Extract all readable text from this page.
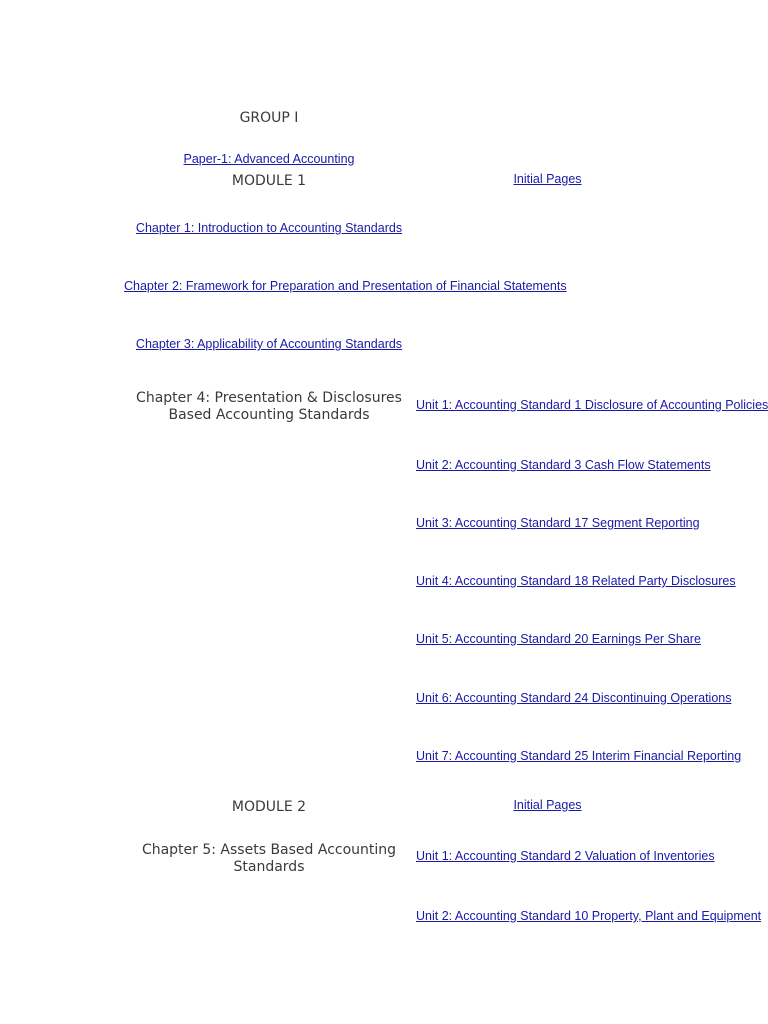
GROUP I
Paper-1: Advanced Accounting
MODULE 1	Initial Pages
Chapter 1: Introduction to Accounting Standards
Chapter 2: Framework for Preparation and Presentation of Financial Statements
Chapter 3: Applicability of Accounting Standards
Chapter 4: Presentation & Disclosures Based Accounting Standards
Unit 1: Accounting Standard 1 Disclosure of Accounting Policies
Unit 2: Accounting Standard 3 Cash Flow Statements
Unit 3: Accounting Standard 17 Segment Reporting
Unit 4: Accounting Standard 18 Related Party Disclosures
Unit 5: Accounting Standard 20 Earnings Per Share
Unit 6: Accounting Standard 24 Discontinuing Operations
Unit 7: Accounting Standard 25 Interim Financial Reporting
MODULE 2	Initial Pages
Chapter 5: Assets Based Accounting Standards
Unit 1: Accounting Standard 2 Valuation of Inventories
Unit 2: Accounting Standard 10 Property, Plant and Equipment
